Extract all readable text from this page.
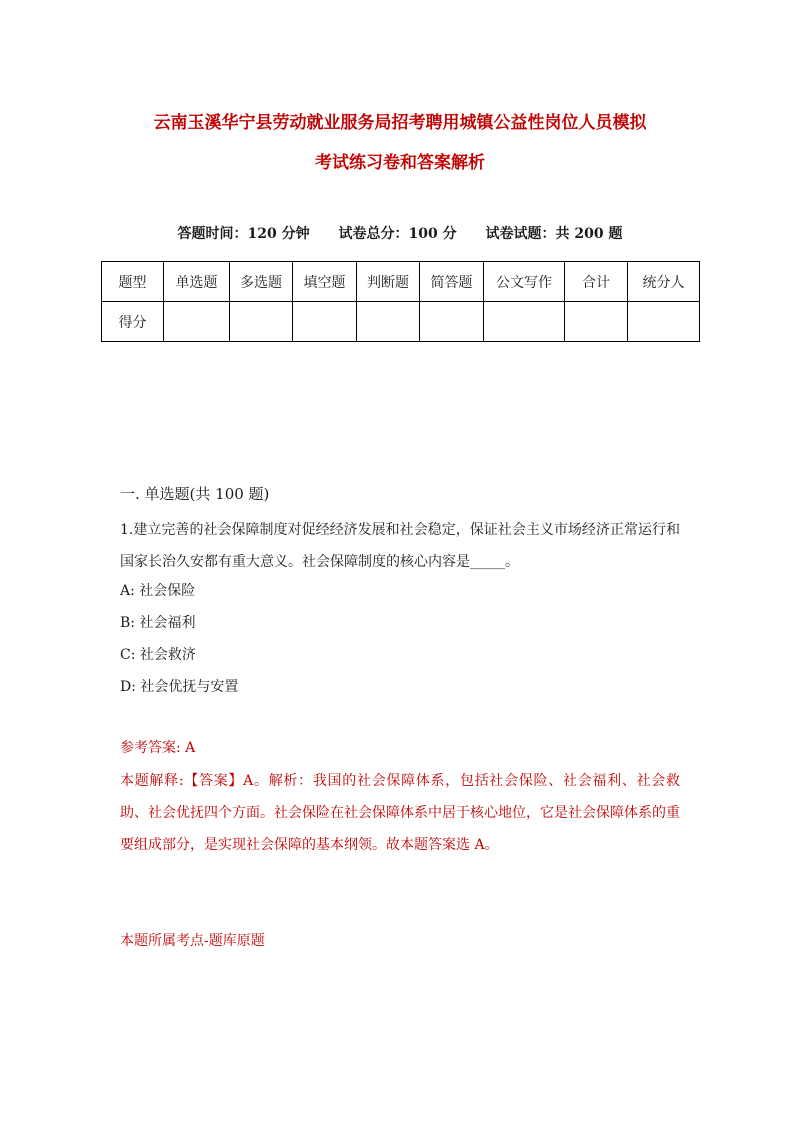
云南玉溪华宁县劳动就业服务局招考聘用城镇公益性岗位人员模拟
考试练习卷和答案解析
答题时间：120 分钟 试卷总分：100 分 试卷试题：共 200 题
题型	单选题	多选题	填空题	判断题	简答题	公文写作	合计	统分人
得分								
一. 单选题(共 100 题)
1.建立完善的社会保障制度对促经经济发展和社会稳定，保证社会主义市场经济正常运行和国家长治久安都有重大意义。社会保障制度的核心内容是_____。
A: 社会保险
B: 社会福利
C: 社会救济
D: 社会优抚与安置
参考答案: A
本题解释:【答案】A。解析：我国的社会保障体系，包括社会保险、社会福利、社会救助、社会优抚四个方面。社会保险在社会保障体系中居于核心地位，它是社会保障体系的重要组成部分，是实现社会保障的基本纲领。故本题答案选 A。
本题所属考点-题库原题
